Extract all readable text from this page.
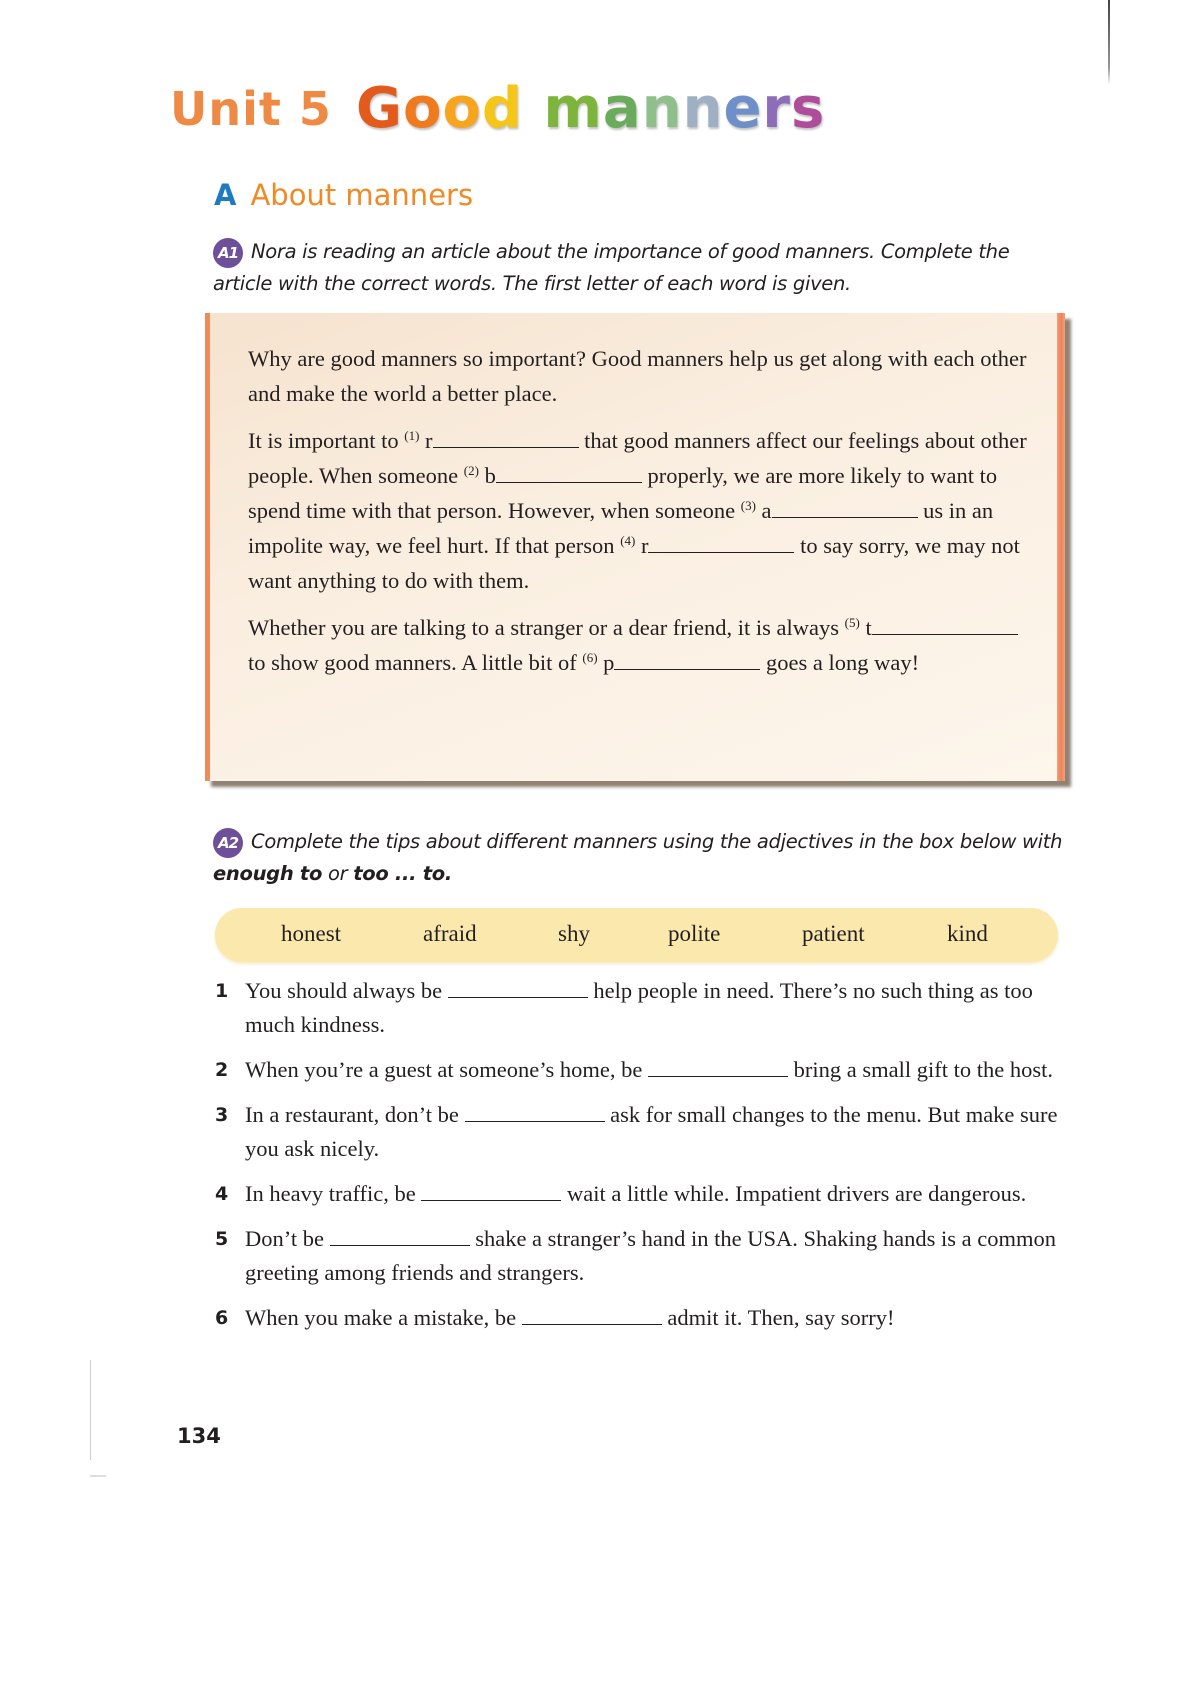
Unit 5 Good manners
A About manners
A1 Nora is reading an article about the importance of good manners. Complete the article with the correct words. The first letter of each word is given.

Why are good manners so important? Good manners help us get along with each other and make the world a better place.

It is important to $^{(1)}$ r	that good manners affect our feelings about other people. When someone $^{(2)}$ b	properly, we are more likely to want to spend time with that person. However, when someone $^{(3)}$ a	us in an impolite way, we feel hurt. If that person $^{(4)}$ r	to say sorry, we may not want anything to do with them.

Whether you are talking to a stranger or a dear friend, it is always $^{(5)}$ t to show good manners. A little bit of $^{(6)}$ p	goes a long way!

A2 Complete the tips about different manners using the adjectives in the box below with enough to or too ... to.
honest	afraid	shy	polite	patient	kind
1 You should always be	help people in need. There’s no such thing as too much kindness.
2 When you’re a guest at someone’s home, be	bring a small gift to the host.
3 In a restaurant, don’t be	ask for small changes to the menu. But make sure you ask nicely.
4 In heavy traffic, be	wait a little while. Impatient drivers are dangerous.
5 Don’t be	shake a stranger’s hand in the USA. Shaking hands is a common greeting among friends and strangers.
6 When you make a mistake, be	admit it. Then, say sorry!
134
